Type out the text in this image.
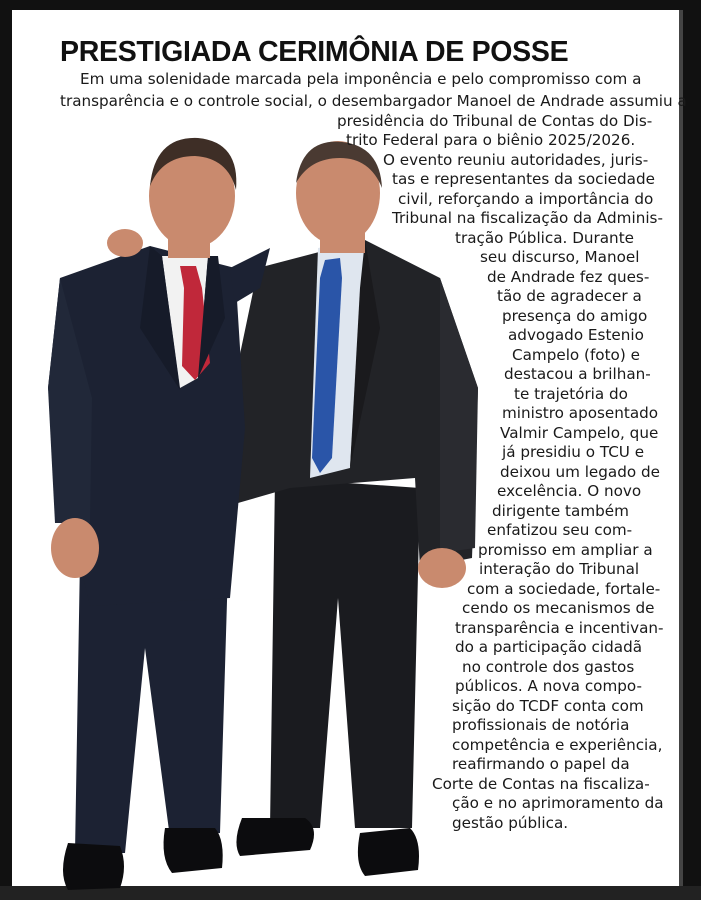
PRESTIGIADA CERIMÔNIA DE POSSE

Em uma solenidade marcada pela imponência e pelo compromisso com a

transparência e o controle social, o desembargador Manoel de Andrade assumiu a

presidência do Tribunal de Contas do Dis-

trito Federal para o biênio 2025/2026.

O evento reuniu autoridades, juris-

tas e representantes da sociedade

civil, reforçando a importância do

Tribunal na fiscalização da Adminis-

tração Pública. Durante

seu discurso, Manoel

de Andrade fez ques-

tão de agradecer a

presença do amigo

advogado Estenio

Campelo (foto) e

destacou a brilhan-

te trajetória do

ministro aposentado

Valmir Campelo, que

já presidiu o TCU e

deixou um legado de

excelência. O novo

dirigente também

enfatizou seu com-

promisso em ampliar a

interação do Tribunal

com a sociedade, fortale-

cendo os mecanismos de

transparência e incentivan-

do a participação cidadã

no controle dos gastos

públicos. A nova compo-

sição do TCDF conta com

profissionais de notória

competência e experiência,

reafirmando o papel da

Corte de Contas na fiscaliza-

ção e no aprimoramento da

gestão pública.
